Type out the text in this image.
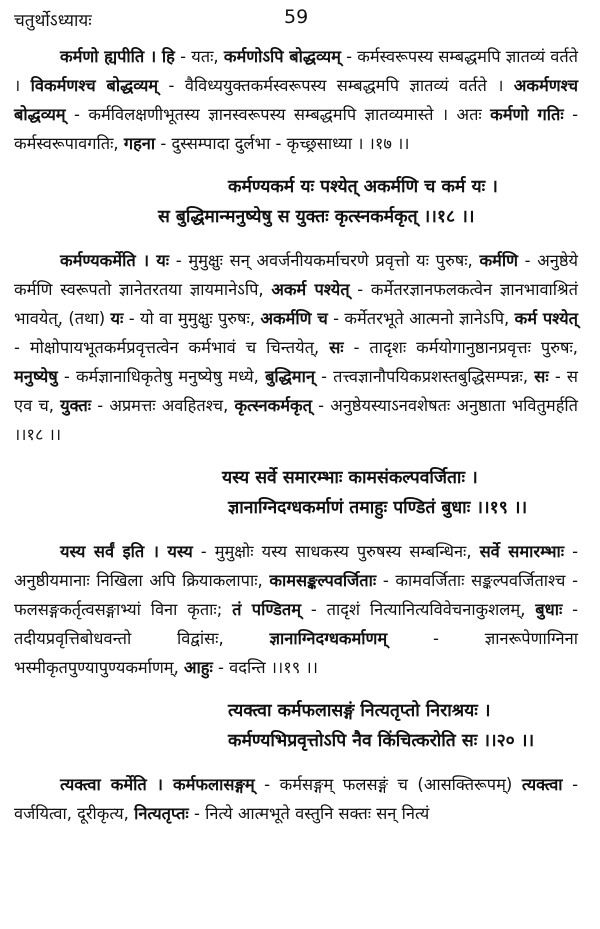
चतुर्थोऽध्यायः	59

कर्मणो ह्यपीति । हि - यतः, कर्मणोऽपि बोद्धव्यम् - कर्मस्वरूपस्य सम्बद्धमपि ज्ञातव्यं वर्तते । विकर्मणश्च बोद्धव्यम् - वैविध्ययुक्तकर्मस्वरूपस्य सम्बद्धमपि ज्ञातव्यं वर्तते । अकर्मणश्च बोद्धव्यम् - कर्मविलक्षणीभूतस्य ज्ञानस्वरूपस्य सम्बद्धमपि ज्ञातव्यमास्ते । अतः कर्मणो गतिः - कर्मस्वरूपावगतिः, गहना - दुस्सम्पादा दुर्लभा - कृच्छ्रसाध्या । ।१७ ।।

कर्मण्यकर्म यः पश्येत् अकर्मणि च कर्म यः ।
स बुद्धिमान्मनुष्येषु स युक्तः कृत्स्नकर्मकृत् ।।१८ ।।

कर्मण्यकर्मेति । यः - मुमुक्षुः सन् अवर्जनीयकर्माचरणे प्रवृत्तो यः पुरुषः, कर्मणि - अनुष्ठेये कर्मणि स्वरूपतो ज्ञानेतरतया ज्ञायमानेऽपि, अकर्म पश्येत् - कर्मेतरज्ञानफलकत्वेन ज्ञानभावाश्रितं भावयेत्, (तथा) यः - यो वा मुमुक्षुः पुरुषः, अकर्मणि च - कर्मेतरभूते आत्मनो ज्ञानेऽपि, कर्म पश्येत् - मोक्षोपायभूतकर्मप्रवृत्तत्वेन कर्मभावं च चिन्तयेत्, सः - तादृशः कर्मयोगानुष्ठानप्रवृत्तः पुरुषः, मनुष्येषु - कर्मज्ञानाधिकृतेषु मनुष्येषु मध्ये, बुद्धिमान् - तत्त्वज्ञानौपयिकप्रशस्तबुद्धिसम्पन्नः, सः - स एव च, युक्तः - अप्रमत्तः अवहितश्च, कृत्स्नकर्मकृत् - अनुष्ठेयस्याऽनवशेषतः अनुष्ठाता भवितुमर्हति ।।१८ ।।

यस्य सर्वे समारम्भाः कामसंकल्पवर्जिताः ।
ज्ञानाग्निदग्धकर्माणं तमाहुः पण्डितं बुधाः ।।१९ ।।

यस्य सर्वं इति । यस्य - मुमुक्षोः यस्य साधकस्य पुरुषस्य सम्बन्धिनः, सर्वे समारम्भाः - अनुष्ठीयमानाः निखिला अपि क्रियाकलापाः, कामसङ्कल्पवर्जिताः - कामवर्जिताः सङ्कल्पवर्जिताश्च - फलसङ्गकर्तृत्वसङ्गाभ्यां विना कृताः; तं पण्डितम् - तादृशं नित्यानित्यविवेचनाकुशलम्, बुधाः - तदीयप्रवृत्तिबोधवन्तो विद्वांसः, ज्ञानाग्निदग्धकर्माणम् - ज्ञानरूपेणाग्निना भस्मीकृतपुण्यापुण्यकर्माणम्, आहुः - वदन्ति ।।१९ ।।

त्यक्त्वा कर्मफलासङ्गं नित्यतृप्तो निराश्रयः ।
कर्मण्यभिप्रवृत्तोऽपि नैव किंचित्करोति सः ।।२० ।।

त्यक्त्वा कर्मेति । कर्मफलासङ्गम् - कर्मसङ्गम् फलसङ्गं च (आसक्तिरूपम्) त्यक्त्वा - वर्जयित्वा, दूरीकृत्य, नित्यतृप्तः - नित्ये आत्मभूते वस्तुनि सक्तः सन् नित्यं
